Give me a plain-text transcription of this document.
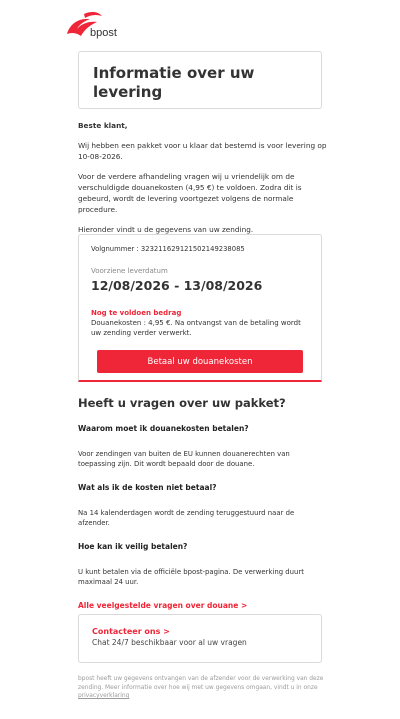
bpost
Informatie over uw levering

Beste klant,

Wij hebben een pakket voor u klaar dat bestemd is voor levering op 10-08-2026.

Voor de verdere afhandeling vragen wij u vriendelijk om de verschuldigde douanekosten (4,95 €) te voldoen. Zodra dit is gebeurd, wordt de levering voortgezet volgens de normale procedure.

Hieronder vindt u de gegevens van uw zending.

Volgnummer : 323211629121502149238085
Voorziene leverdatum
12/08/2026 - 13/08/2026
Nog te voldoen bedrag
Douanekosten : 4,95 €. Na ontvangst van de betaling wordt uw zending verder verwerkt.
Betaal uw douanekosten
Heeft u vragen over uw pakket?
Waarom moet ik douanekosten betalen?
Voor zendingen van buiten de EU kunnen douanerechten van toepassing zijn. Dit wordt bepaald door de douane.
Wat als ik de kosten niet betaal?
Na 14 kalenderdagen wordt de zending teruggestuurd naar de afzender.
Hoe kan ik veilig betalen?
U kunt betalen via de officiële bpost-pagina. De verwerking duurt maximaal 24 uur.
Alle veelgestelde vragen over douane >
Contacteer ons >
Chat 24/7 beschikbaar voor al uw vragen
bpost heeft uw gegevens ontvangen van de afzender voor de verwerking van deze zending. Meer informatie over hoe wij met uw gegevens omgaan, vindt u in onze privacyverklaring
